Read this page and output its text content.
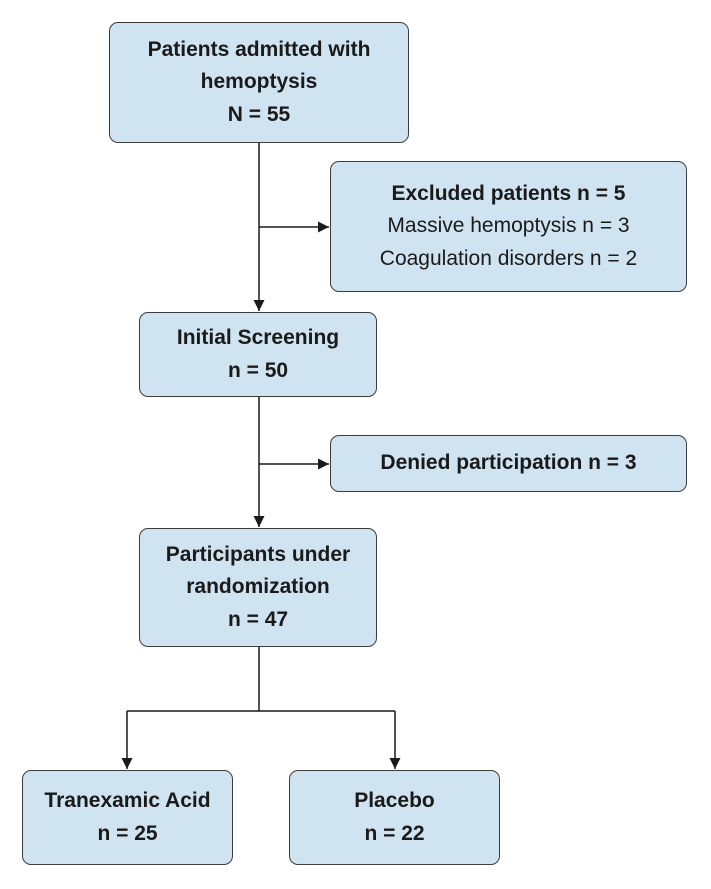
Patients admitted with
hemoptysis
N = 55
Excluded patients n = 5
Massive hemoptysis n = 3
Coagulation disorders n = 2
Initial Screening
n = 50
Denied participation n = 3
Participants under
randomization
n = 47
Tranexamic Acid
n = 25
Placebo
n = 22
